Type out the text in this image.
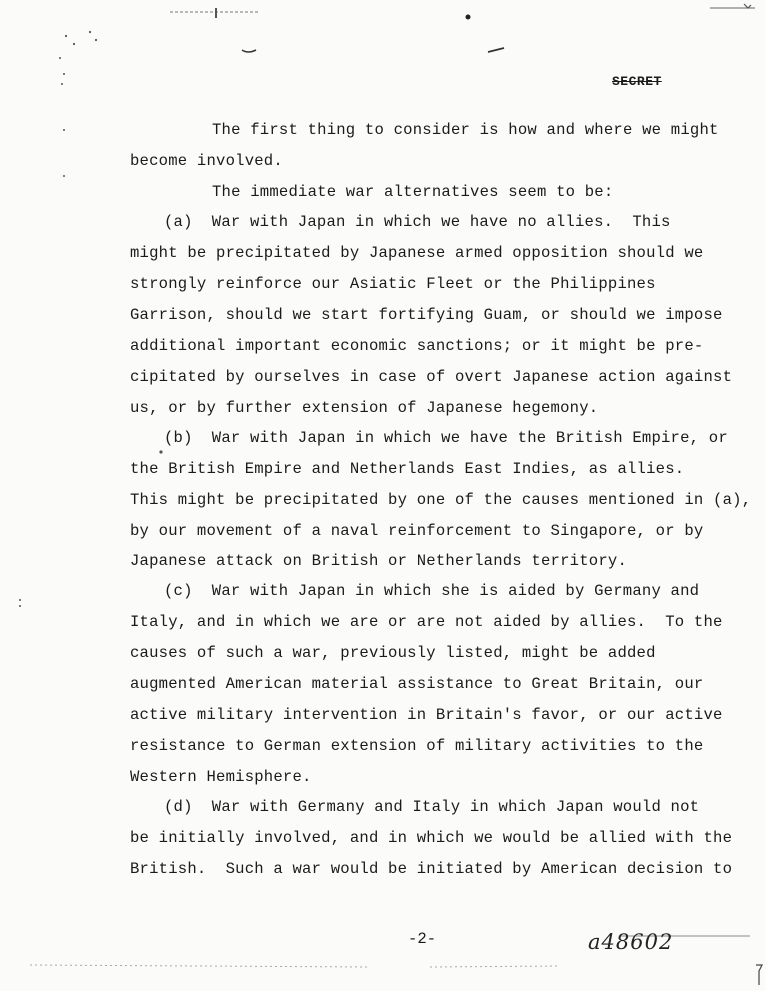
SECRET
The first thing to consider is how and where we might
become involved.
The immediate war alternatives seem to be:
(a)  War with Japan in which we have no allies.  This
might be precipitated by Japanese armed opposition should we
strongly reinforce our Asiatic Fleet or the Philippines
Garrison, should we start fortifying Guam, or should we impose
additional important economic sanctions; or it might be pre-
cipitated by ourselves in case of overt Japanese action against
us, or by further extension of Japanese hegemony.
(b)  War with Japan in which we have the British Empire, or
the British Empire and Netherlands East Indies, as allies.
This might be precipitated by one of the causes mentioned in (a),
by our movement of a naval reinforcement to Singapore, or by
Japanese attack on British or Netherlands territory.
(c)  War with Japan in which she is aided by Germany and
Italy, and in which we are or are not aided by allies.  To the
causes of such a war, previously listed, might be added
augmented American material assistance to Great Britain, our
active military intervention in Britain's favor, or our active
resistance to German extension of military activities to the
Western Hemisphere.
(d)  War with Germany and Italy in which Japan would not
be initially involved, and in which we would be allied with the
British.  Such a war would be initiated by American decision to
-2-	a48602
